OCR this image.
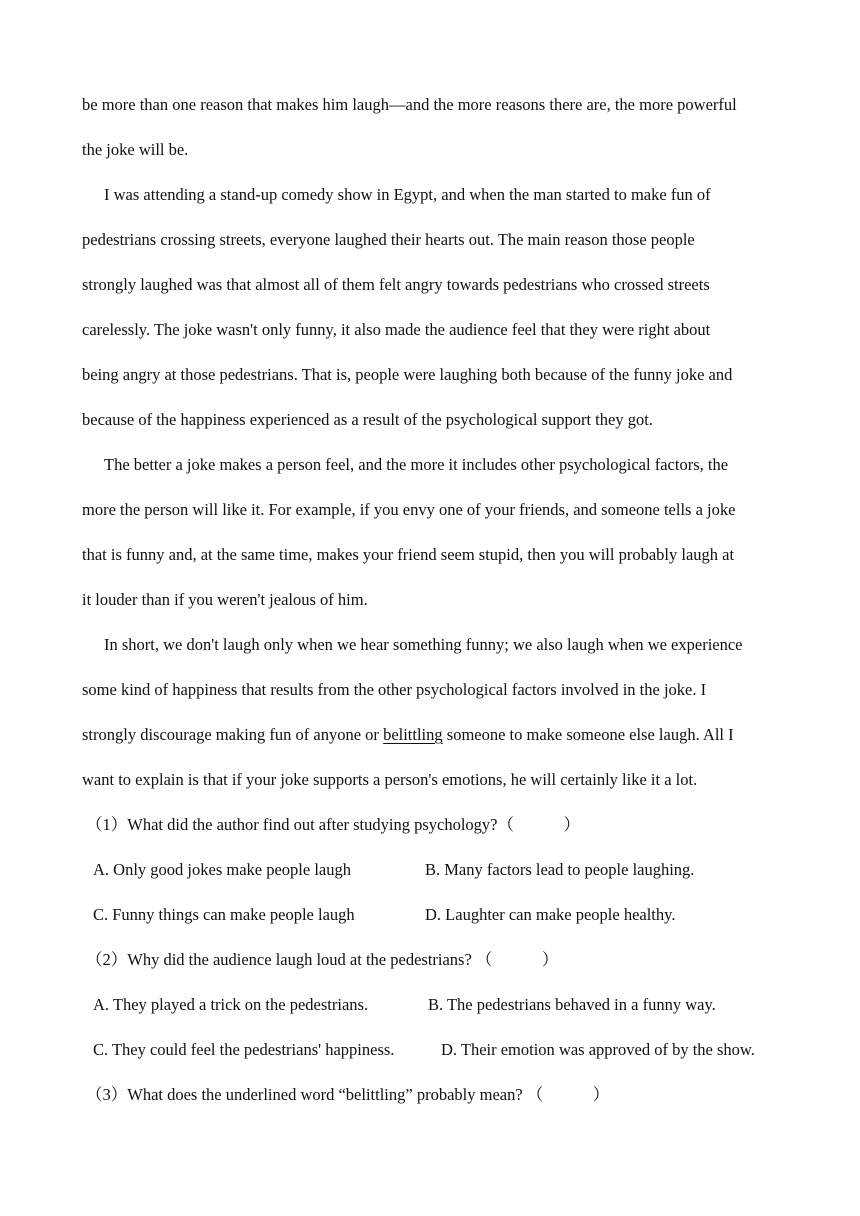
be more than one reason that makes him laugh—and the more reasons there are, the more powerful
the joke will be.
I was attending a stand-up comedy show in Egypt, and when the man started to make fun of
pedestrians crossing streets, everyone laughed their hearts out. The main reason those people
strongly laughed was that almost all of them felt angry towards pedestrians who crossed streets
carelessly. The joke wasn't only funny, it also made the audience feel that they were right about
being angry at those pedestrians. That is, people were laughing both because of the funny joke and
because of the happiness experienced as a result of the psychological support they got.
The better a joke makes a person feel, and the more it includes other psychological factors, the
more the person will like it. For example, if you envy one of your friends, and someone tells a joke
that is funny and, at the same time, makes your friend seem stupid, then you will probably laugh at
it louder than if you weren't jealous of him.
In short, we don't laugh only when we hear something funny; we also laugh when we experience
some kind of happiness that results from the other psychological factors involved in the joke. I
strongly discourage making fun of anyone or belittling someone to make someone else laugh. All I
want to explain is that if your joke supports a person's emotions, he will certainly like it a lot.
（1）What did the author find out after studying psychology?（　　　）
A. Only good jokes make people laugh	B. Many factors lead to people laughing.
C. Funny things can make people laugh	D. Laughter can make people healthy.
（2）Why did the audience laugh loud at the pedestrians? （　　　）
A. They played a trick on the pedestrians.	B. The pedestrians behaved in a funny way.
C. They could feel the pedestrians' happiness.	D. Their emotion was approved of by the show.
（3）What does the underlined word “belittling” probably mean? （　　　）
